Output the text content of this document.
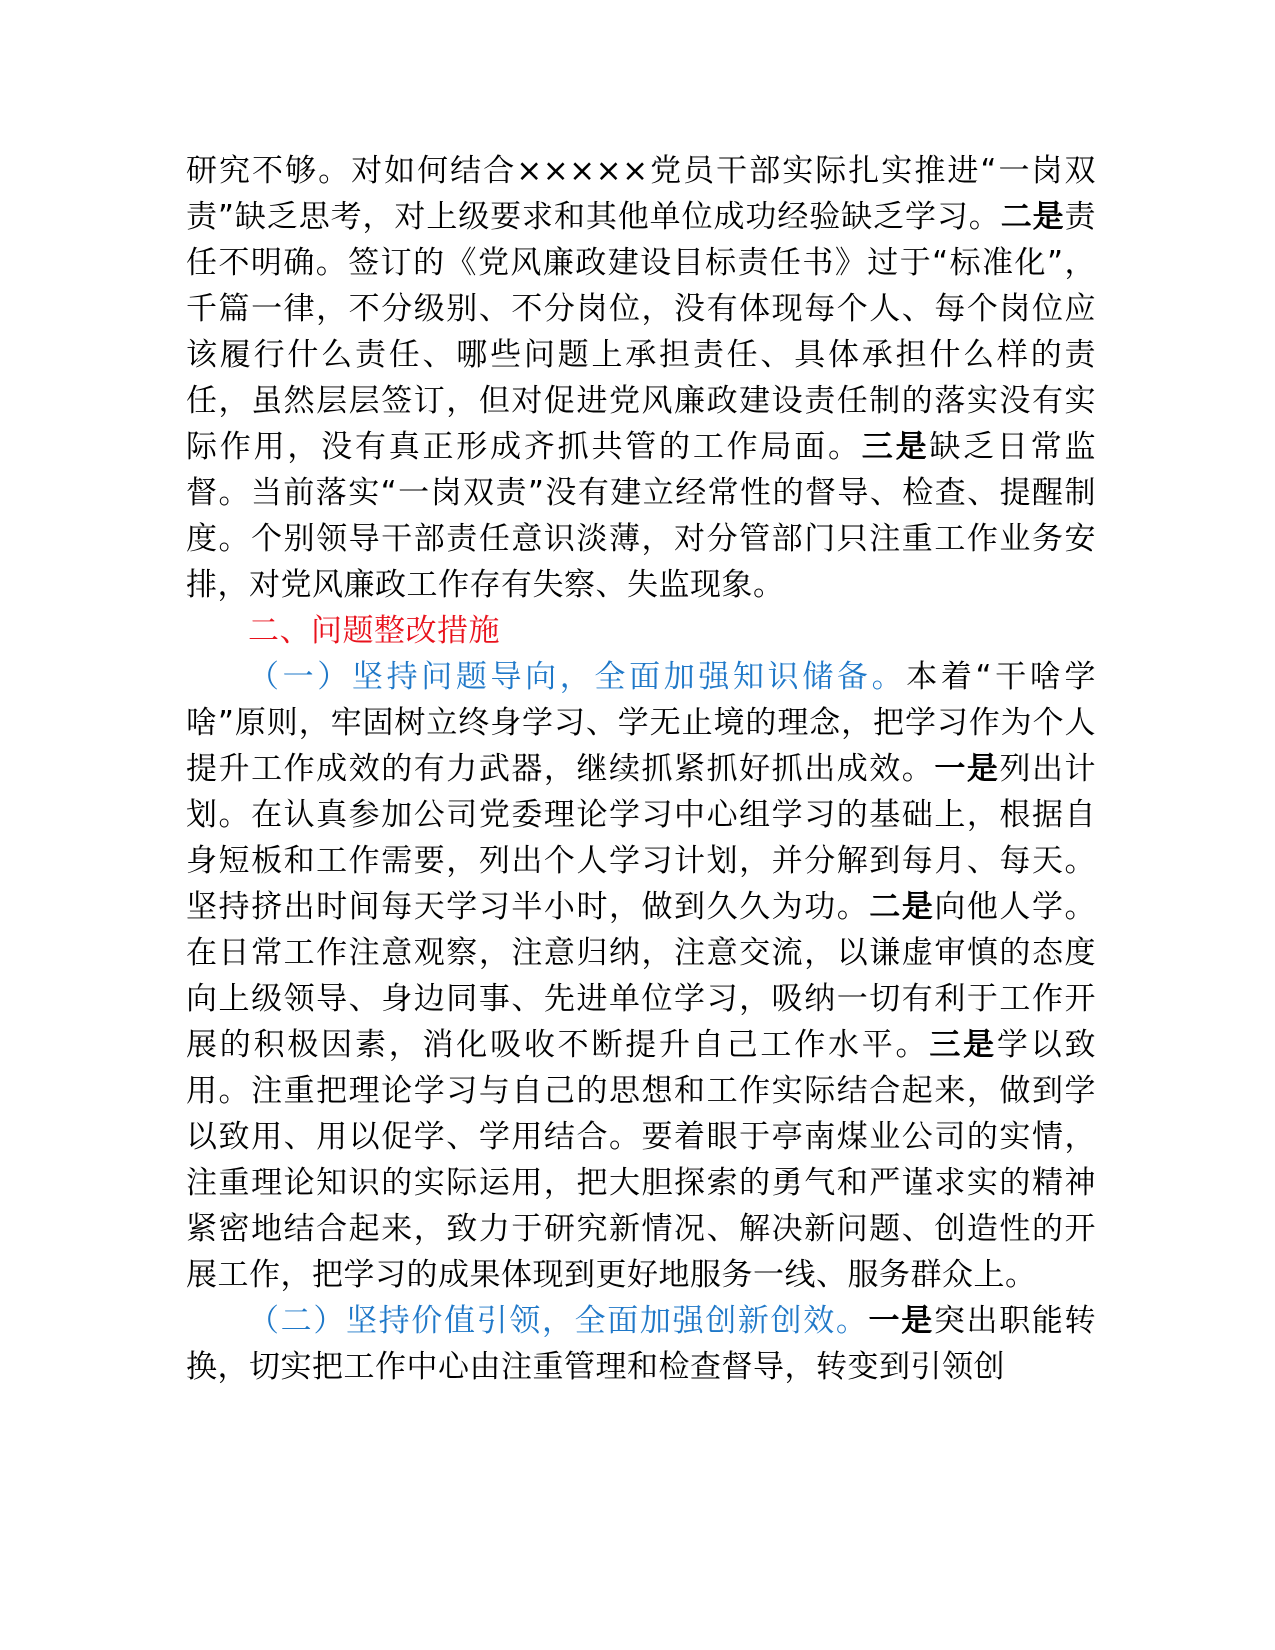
研究不够。对如何结合×××××党员干部实际扎实推进“一岗双责”缺乏思考，对上级要求和其他单位成功经验缺乏学习。二是责任不明确。签订的《党风廉政建设目标责任书》过于“标准化”，千篇一律，不分级别、不分岗位，没有体现每个人、每个岗位应该履行什么责任、哪些问题上承担责任、具体承担什么样的责任，虽然层层签订，但对促进党风廉政建设责任制的落实没有实际作用，没有真正形成齐抓共管的工作局面。三是缺乏日常监督。当前落实“一岗双责”没有建立经常性的督导、检查、提醒制度。个别领导干部责任意识淡薄，对分管部门只注重工作业务安排，对党风廉政工作存有失察、失监现象。

二、问题整改措施

（一）坚持问题导向，全面加强知识储备。本着“干啥学啥”原则，牢固树立终身学习、学无止境的理念，把学习作为个人提升工作成效的有力武器，继续抓紧抓好抓出成效。一是列出计划。在认真参加公司党委理论学习中心组学习的基础上，根据自身短板和工作需要，列出个人学习计划，并分解到每月、每天。坚持挤出时间每天学习半小时，做到久久为功。二是向他人学。在日常工作注意观察，注意归纳，注意交流，以谦虚审慎的态度向上级领导、身边同事、先进单位学习，吸纳一切有利于工作开展的积极因素，消化吸收不断提升自己工作水平。三是学以致用。注重把理论学习与自己的思想和工作实际结合起来，做到学以致用、用以促学、学用结合。要着眼于亭南煤业公司的实情，注重理论知识的实际运用，把大胆探索的勇气和严谨求实的精神紧密地结合起来，致力于研究新情况、解决新问题、创造性的开展工作，把学习的成果体现到更好地服务一线、服务群众上。

（二）坚持价值引领，全面加强创新创效。一是突出职能转换，切实把工作中心由注重管理和检查督导，转变到引领创
